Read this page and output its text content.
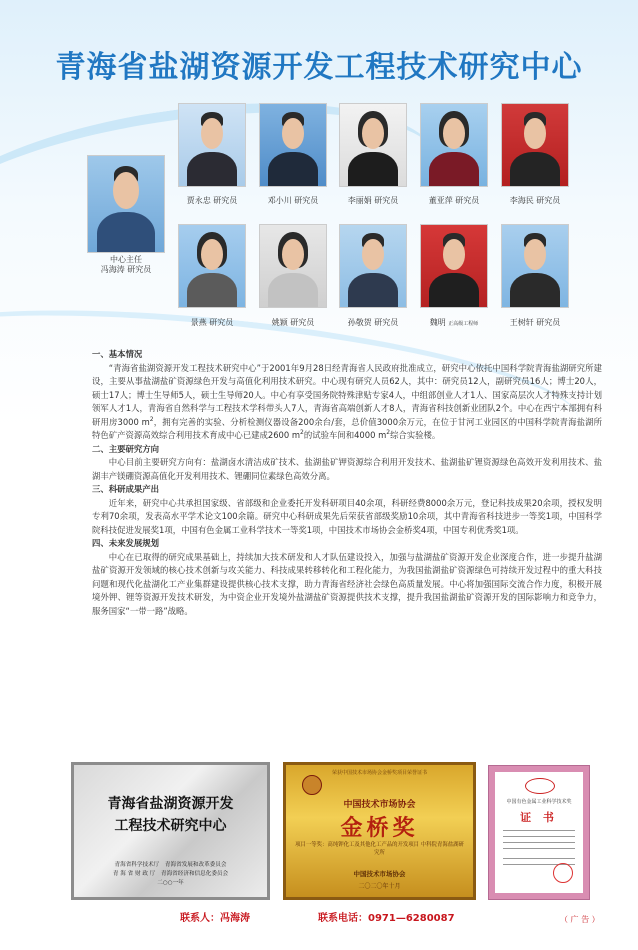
青海省盐湖资源开发工程技术研究中心
中心主任
冯海涛 研究员
贾永忠 研究员	邓小川 研究员	李丽娟 研究员	董亚萍 研究员	李海民 研究员
景燕 研究员	姚颖 研究员	孙敬贺 研究员	魏明 正高级工程师	王树轩 研究员

一、基本情况

“青海省盐湖资源开发工程技术研究中心”于2001年9月28日经青海省人民政府批准成立，研究中心依托中国科学院青海盐湖研究所建设，主要从事盐湖盐矿资源绿色开发与高值化利用技术研究。中心现有研究人员62人，其中：研究员12人，副研究员16人；博士20人，硕士17人；博士生导师5人，硕士生导师20人。中心有享受国务院特殊津贴专家4人，中组部创业人才1人、国家高层次人才特殊支持计划领军人才1人，青海省自然科学与工程技术学科带头人7人，青海省高端创新人才8人，青海省科技创新业团队2个。中心在西宁本部拥有科研用房3000 $m^2$，拥有完善的实验、分析检测仪器设备200余台/套，总价值3000余万元，在位于甘河工业园区的中国科学院青海盐湖所特色矿产资源高效综合利用技术育成中心已建成2600 $m^2$的试验车间和4000 $m^2$综合实验楼。

二、主要研究方向

中心目前主要研究方向有：盐湖卤水清洁成矿技术、盐湖盐矿钾资源综合利用开发技术、盐湖盐矿锂资源绿色高效开发利用技术、盐湖丰产镁硼资源高值化开发利用技术、锂硼同位素绿色高效分离。

三、科研成果产出

近年来，研究中心共承担国家级、省部级和企业委托开发科研项目40余项，科研经费8000余万元，登记科技成果20余项，授权发明专利70余项，发表高水平学术论文100余篇。研究中心科研成果先后荣获省部级奖励10余项，其中青海省科技进步一等奖1项，中国科学院科技促进发展奖1项，中国有色金属工业科学技术一等奖1项，中国技术市场协会金桥奖4项，中国专利优秀奖1项。

四、未来发展规划

中心在已取得的研究成果基础上，持续加大技术研发和人才队伍建设投入，加强与盐湖盐矿资源开发企业深度合作，进一步提升盐湖盐矿资源开发领域的核心技术创新与攻关能力、科技成果转移转化和工程化能力，为我国盐湖盐矿资源绿色可持续开发过程中的重大科技问题和现代化盐湖化工产业集群建设提供核心技术支撑，助力青海省经济社会绿色高质量发展。中心将加强国际交流合作力度，积极开展境外钾、锂等资源开发技术研发，为中资企业开发境外盐湖盐矿资源提供技术支撑，提升我国盐湖盐矿资源开发的国际影响力和竞争力，服务国家“一带一路”战略。

青海省盐湖资源开发
工程技术研究中心
青海省科学技术厅　 青海省发展和改革委员会
青 海 省 财 政 厅　 青海省经济和信息化委员会
二○○一年
荣获中国技术市场协会金桥奖项目荣誉证书
中国技术市场协会
金桥奖
项目一等奖：高纯钾化工及其他化工产品的开发项目 中科院青海盐湖研究所
中国技术市场协会
二〇二〇年十月
中国有色金属工业科学技术奖
证 书
联系人：冯海涛	联系电话：0971—6280087	（ 广 告 ）
